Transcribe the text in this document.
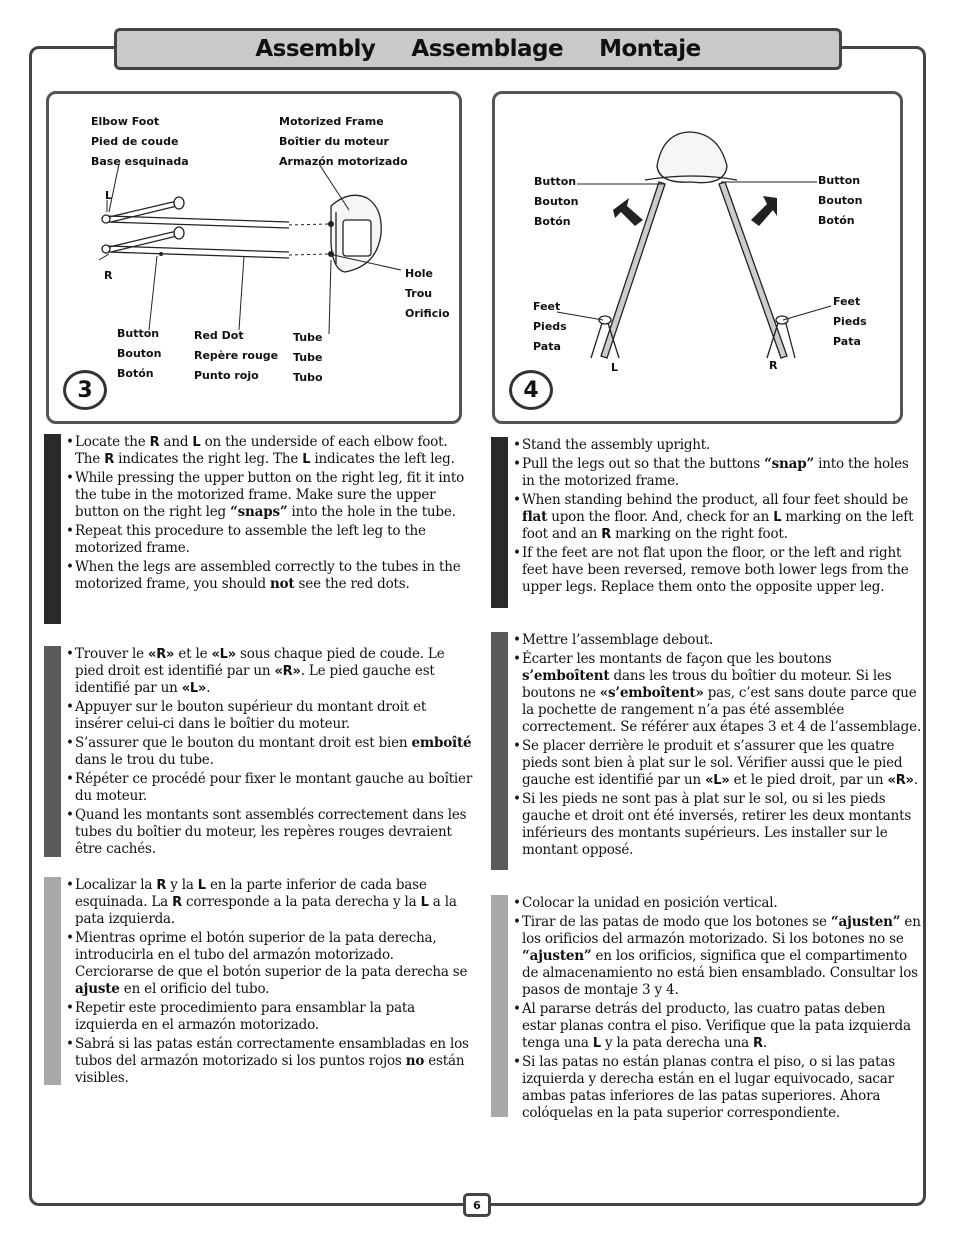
Assembly Assemblage Montaje
Elbow Foot
Pied de coude
Base esquinada
Motorized Frame
Boîtier du moteur
Armazón motorizado
L
R	Hole
Trou
Orificio
Button
Bouton
Botón
Red Dot
Repère rouge
Punto rojo
Tube
Tube
Tubo
3
Button
Bouton
Botón
Button
Bouton
Botón
Feet
Pieds
Pata
Feet
Pieds
Pata
L	R
4
• Locate the R and L on the underside of each elbow foot. The R indicates the right leg. The L indicates the left leg.
• While pressing the upper button on the right leg, fit it into the tube in the motorized frame. Make sure the upper button on the right leg “snaps” into the hole in the tube.
• Repeat this procedure to assemble the left leg to the motorized frame.
• When the legs are assembled correctly to the tubes in the motorized frame, you should not see the red dots.
• Trouver le «R» et le «L» sous chaque pied de coude. Le pied droit est identifié par un «R». Le pied gauche est identifié par un «L».
• Appuyer sur le bouton supérieur du montant droit et insérer celui-ci dans le boîtier du moteur.
• S’assurer que le bouton du montant droit est bien emboîté dans le trou du tube.
• Répéter ce procédé pour fixer le montant gauche au boîtier du moteur.
• Quand les montants sont assemblés correctement dans les tubes du boîtier du moteur, les repères rouges devraient être cachés.
• Localizar la R y la L en la parte inferior de cada base esquinada. La R corresponde a la pata derecha y la L a la pata izquierda.
• Mientras oprime el botón superior de la pata derecha, introducirla en el tubo del armazón motorizado. Cerciorarse de que el botón superior de la pata derecha se ajuste en el orificio del tubo.
• Repetir este procedimiento para ensamblar la pata izquierda en el armazón motorizado.
• Sabrá si las patas están correctamente ensambladas en los tubos del armazón motorizado si los puntos rojos no están visibles.
• Stand the assembly upright.
• Pull the legs out so that the buttons “snap” into the holes in the motorized frame.
• When standing behind the product, all four feet should be flat upon the floor. And, check for an L marking on the left foot and an R marking on the right foot.
• If the feet are not flat upon the floor, or the left and right feet have been reversed, remove both lower legs from the upper legs. Replace them onto the opposite upper leg.
• Mettre l’assemblage debout.
• Écarter les montants de façon que les boutons s’emboîtent dans les trous du boîtier du moteur. Si les boutons ne «s’emboîtent» pas, c’est sans doute parce que la pochette de rangement n’a pas été assemblée correctement. Se référer aux étapes 3 et 4 de l’assemblage.
• Se placer derrière le produit et s’assurer que les quatre pieds sont bien à plat sur le sol. Vérifier aussi que le pied gauche est identifié par un «L» et le pied droit, par un «R».
• Si les pieds ne sont pas à plat sur le sol, ou si les pieds gauche et droit ont été inversés, retirer les deux montants inférieurs des montants supérieurs. Les installer sur le montant opposé.
• Colocar la unidad en posición vertical.
• Tirar de las patas de modo que los botones se “ajusten” en los orificios del armazón motorizado. Si los botones no se “ajusten” en los orificios, significa que el compartimento de almacenamiento no está bien ensamblado. Consultar los pasos de montaje 3 y 4.
• Al pararse detrás del producto, las cuatro patas deben estar planas contra el piso. Verifique que la pata izquierda tenga una L y la pata derecha una R.
• Si las patas no están planas contra el piso, o si las patas izquierda y derecha están en el lugar equivocado, sacar ambas patas inferiores de las patas superiores. Ahora colóquelas en la pata superior correspondiente.
6
